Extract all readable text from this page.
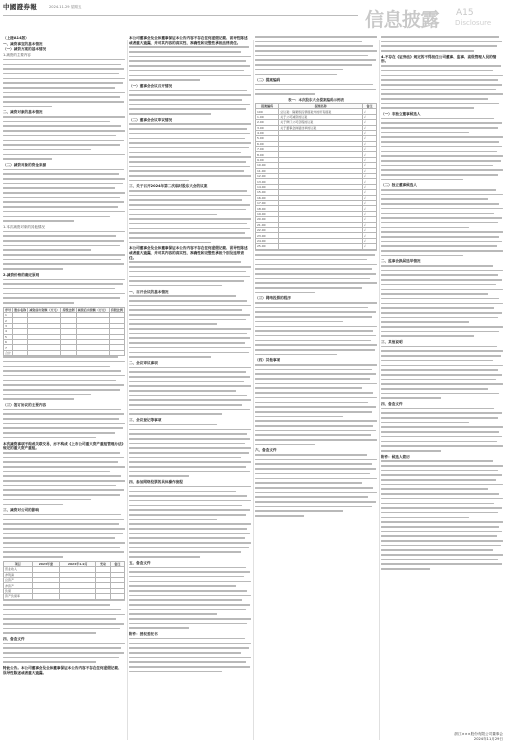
中國證券報	2024.11.29 星期五
信息披露 A15
Disclosure
（上接A14版）
一、减资事宜的基本情况
（一）减资方案的基本情况
1.减资的主要内容
二、减资对象的基本情况
（二）减资对象的资金来源
1.本次减资对象的其他情况
2.减资价格的确定原则
序号	股东名称	减资前出资额（万元）	持股比例	减资后出资额（万元）	持股比例
1					
2					
3					
4					
5					
6					
7					
合计					
（三）签订协议的主要内容
本次减资事项不构成关联交易，亦不构成《上市公司重大资产重组管理办法》规定的重大资产重组。
三、减资对公司的影响
项目	2023年度	2024年1-9月	变动	备注
营业收入				
净利润				
总资产				
净资产				
负债				
资产负债率				
四、备查文件
特此公告。本公司董事会及全体董事保证本公告内容不存在任何虚假记载、误导性陈述或者重大遗漏。
本公司董事会及全体董事保证本公告内容不存在任何虚假记载、误导性陈述或者重大遗漏，并对其内容的真实性、准确性和完整性承担法律责任。
（一）董事会会议召开情况
（二）董事会会议审议情况
三、关于召开2024年第二次临时股东大会的议案
本公司董事会及全体董事保证本公告内容不存在任何虚假记载、误导性陈述或者重大遗漏，并对其内容的真实性、准确性和完整性承担个别及连带责任。
一、召开会议的基本情况
二、会议审议事项
三、会议登记等事项
四、参加网络投票的具体操作流程
五、备查文件
附件：授权委托书
（二）提案编码
表一：本次股东大会提案编码示例表
提案编码	提案名称	备注
100	总议案：除累积投票提案外的所有提案	√
1.00	关于公司减资的议案	√
2.00	关于修订公司章程的议案	√
3.00	关于董事会换届选举的议案	√
4.00		√
5.00		√
6.00		√
7.00		√
8.00		√
9.00		√
10.00		√
11.00		√
12.00		√
13.00		√
14.00		√
15.00		√
16.00		√
17.00		√
18.00		√
19.00		√
20.00		√
21.00		√
22.00		√
23.00		√
24.00		√
25.00		√
（三）网络投票的程序
（四）其他事项
六、备查文件
4.不存在《证券法》规定的不得担任公司董事、监事、高级管理人员的情形。
（一）非独立董事候选人
（二）独立董事候选人
二、监事会换届选举情况
三、其他说明
四、备查文件
附件：候选人简历
浙江×××股份有限公司董事会
2024年11月29日
